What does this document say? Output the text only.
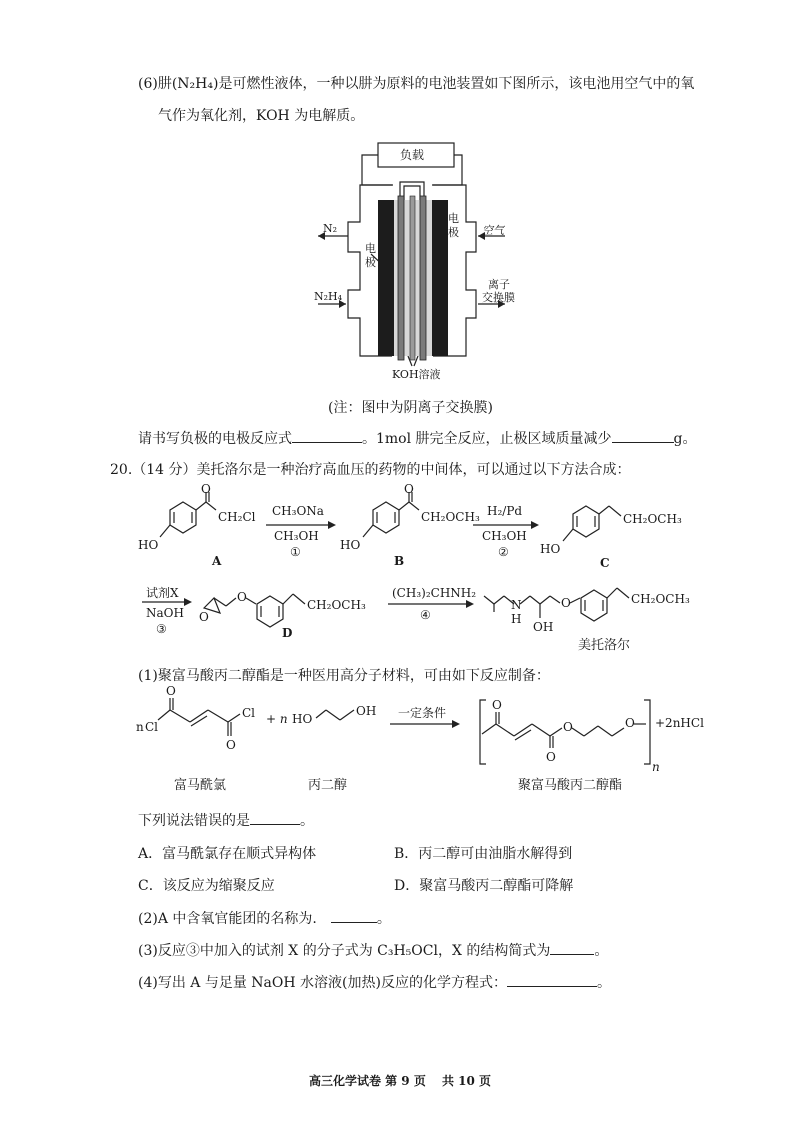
(6)肼(N₂H₄)是可燃性液体，一种以肼为原料的电池装置如下图所示，该电池用空气中的氧
气作为氧化剂，KOH 为电解质。
负载
N₂
N₂H₄
空气
电
极
电
极
离子
交换膜
KOH溶液
(注：图中为阴离子交换膜)
请书写负极的电极反应式	。1mol 肼完全反应，止极区域质量减少	g。
20.（14 分）美托洛尔是一种治疗高血压的药物的中间体，可以通过以下方法合成：
HO
O
CH₂Cl
A
CH₃ONa
CH₃OH
①	HO
O
CH₂OCH₃
B
H₂/Pd
CH₃OH
②	HO
CH₂OCH₃
C
试剂X
NaOH
③
O
O
CH₂OCH₃
D
(CH₃)₂CHNH₂
④
N
H
OH
O	CH₂OCH₃
美托洛尔
(1)聚富马酸丙二醇酯是一种医用高分子材料，可由如下反应制备：
n Cl
O
O
Cl + n HO
OH 一定条件
O
O
O	O +2nHCl
n
富马酰氯	丙二醇	聚富马酸丙二醇酯
下列说法错误的是	。
A．富马酰氯存在顺式异构体	B．丙二醇可由油脂水解得到
C．该反应为缩聚反应	D．聚富马酸丙二醇酯可降解
(2)A 中含氧官能团的名称为.	。
(3)反应③中加入的试剂 X 的分子式为 C₃H₅OCl，X 的结构简式为	。
(4)写出 A 与足量 NaOH 水溶液(加热)反应的化学方程式：	。
高三化学试卷 第 9 页　 共 10 页
